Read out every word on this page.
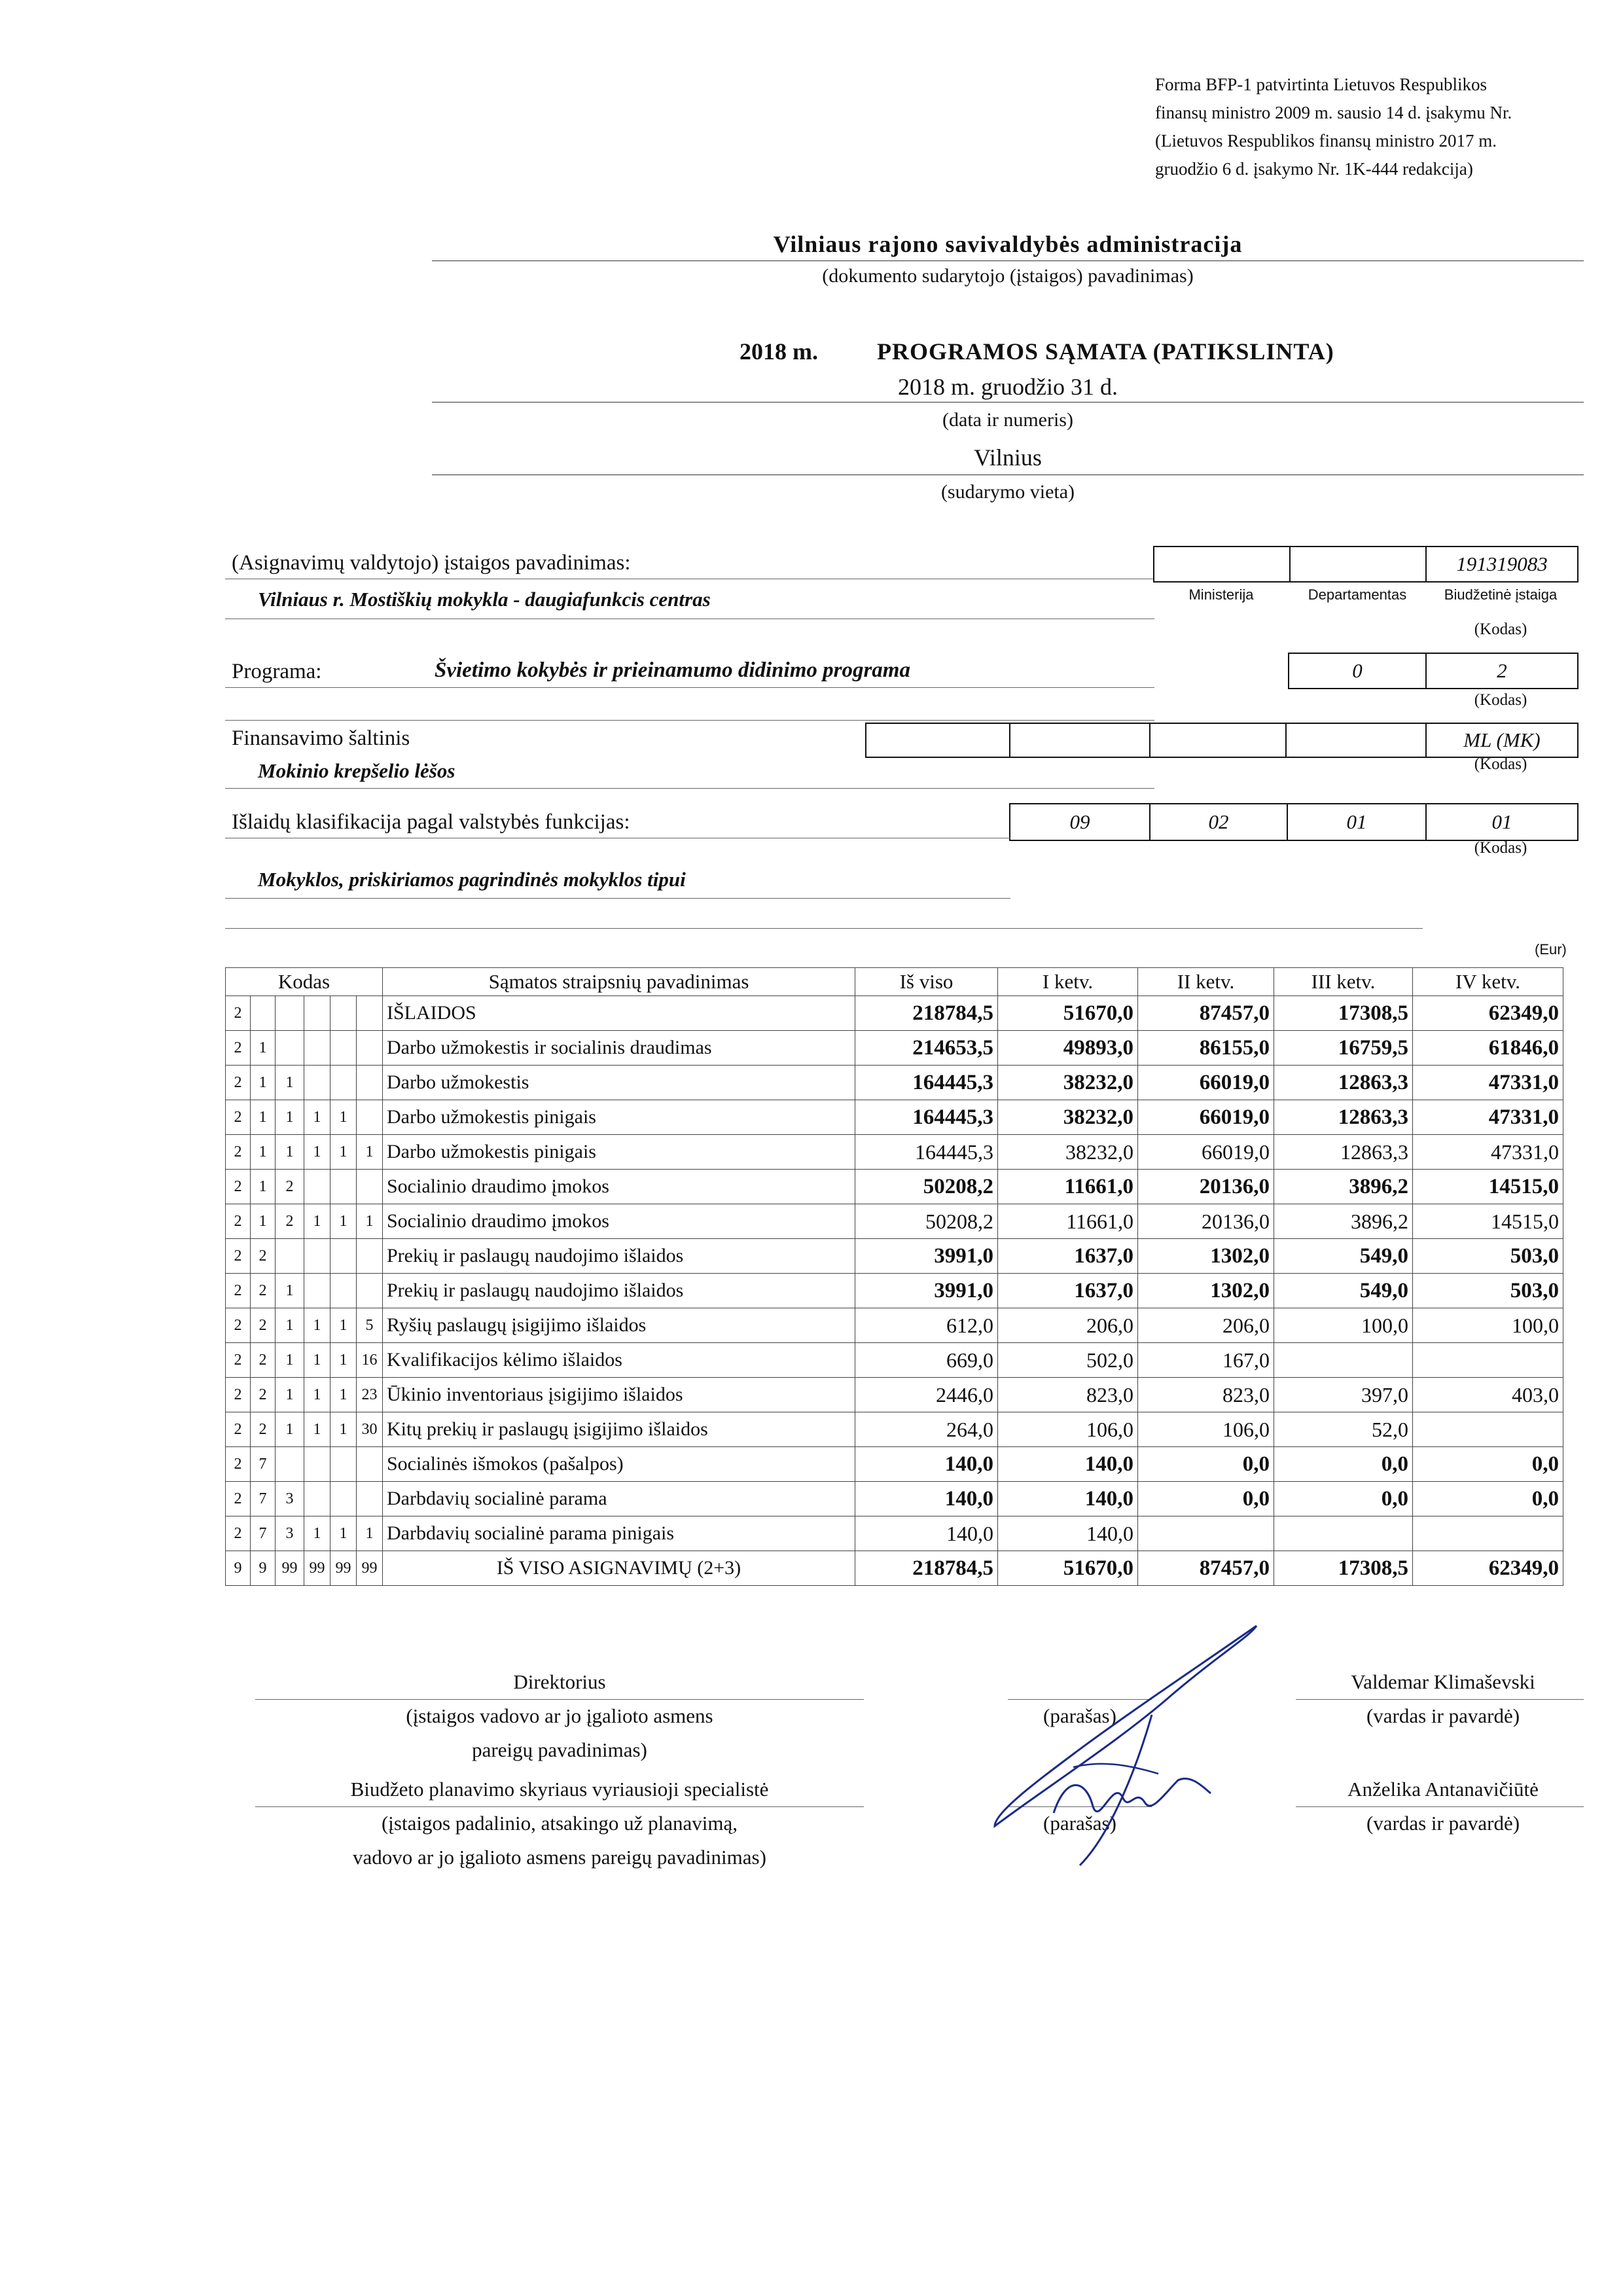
Forma BFP-1 patvirtinta Lietuvos Respublikos
finansų ministro 2009 m. sausio 14 d. įsakymu Nr.
(Lietuvos Respublikos finansų ministro 2017 m.
gruodžio 6 d. įsakymo Nr. 1K-444 redakcija)
Vilniaus rajono savivaldybės administracija
(dokumento sudarytojo (įstaigos) pavadinimas)
2018 m.	PROGRAMOS SĄMATA (PATIKSLINTA)
2018 m. gruodžio 31 d.
(data ir numeris)
Vilnius
(sudarymo vieta)
(Asignavimų valdytojo) įstaigos pavadinimas:
Vilniaus r. Mostiškių mokykla - daugiafunkcis centras
191319083
Ministerija	Departamentas	Biudžetinė įstaiga
(Kodas)
Programa:	Švietimo kokybės ir prieinamumo didinimo programa	0	2
(Kodas)
Finansavimo šaltinis	ML (MK)
Mokinio krepšelio lėšos	(Kodas)
Išlaidų klasifikacija pagal valstybės funkcijas:	09	02	01	01
(Kodas)
Mokyklos, priskiriamos pagrindinės mokyklos tipui
(Eur)
Kodas						Sąmatos straipsnių pavadinimas	Iš viso	I ketv.	II ketv.	III ketv.	IV ketv.
2						IŠLAIDOS	218784,5	51670,0	87457,0	17308,5	62349,0
2	1					Darbo užmokestis ir socialinis draudimas	214653,5	49893,0	86155,0	16759,5	61846,0
2	1	1				Darbo užmokestis	164445,3	38232,0	66019,0	12863,3	47331,0
2	1	1	1	1		Darbo užmokestis pinigais	164445,3	38232,0	66019,0	12863,3	47331,0
2	1	1	1	1	1	Darbo užmokestis pinigais	164445,3	38232,0	66019,0	12863,3	47331,0
2	1	2				Socialinio draudimo įmokos	50208,2	11661,0	20136,0	3896,2	14515,0
2	1	2	1	1	1	Socialinio draudimo įmokos	50208,2	11661,0	20136,0	3896,2	14515,0
2	2					Prekių ir paslaugų naudojimo išlaidos	3991,0	1637,0	1302,0	549,0	503,0
2	2	1				Prekių ir paslaugų naudojimo išlaidos	3991,0	1637,0	1302,0	549,0	503,0
2	2	1	1	1	5	Ryšių paslaugų įsigijimo išlaidos	612,0	206,0	206,0	100,0	100,0
2	2	1	1	1	16	Kvalifikacijos kėlimo išlaidos	669,0	502,0	167,0		
2	2	1	1	1	23	Ūkinio inventoriaus įsigijimo išlaidos	2446,0	823,0	823,0	397,0	403,0
2	2	1	1	1	30	Kitų prekių ir paslaugų įsigijimo išlaidos	264,0	106,0	106,0	52,0	
2	7					Socialinės išmokos (pašalpos)	140,0	140,0	0,0	0,0	0,0
2	7	3				Darbdavių socialinė parama	140,0	140,0	0,0	0,0	0,0
2	7	3	1	1	1	Darbdavių socialinė parama pinigais	140,0	140,0			
9	9	99	99	99	99	IŠ VISO ASIGNAVIMŲ (2+3)	218784,5	51670,0	87457,0	17308,5	62349,0
Direktorius
(įstaigos vadovo ar jo įgalioto asmens
pareigų pavadinimas)
(parašas)
Valdemar Klimaševski
(vardas ir pavardė)
Biudžeto planavimo skyriaus vyriausioji specialistė
(įstaigos padalinio, atsakingo už planavimą,
vadovo ar jo įgalioto asmens pareigų pavadinimas)
(parašas)
Anželika Antanavičiūtė
(vardas ir pavardė)
